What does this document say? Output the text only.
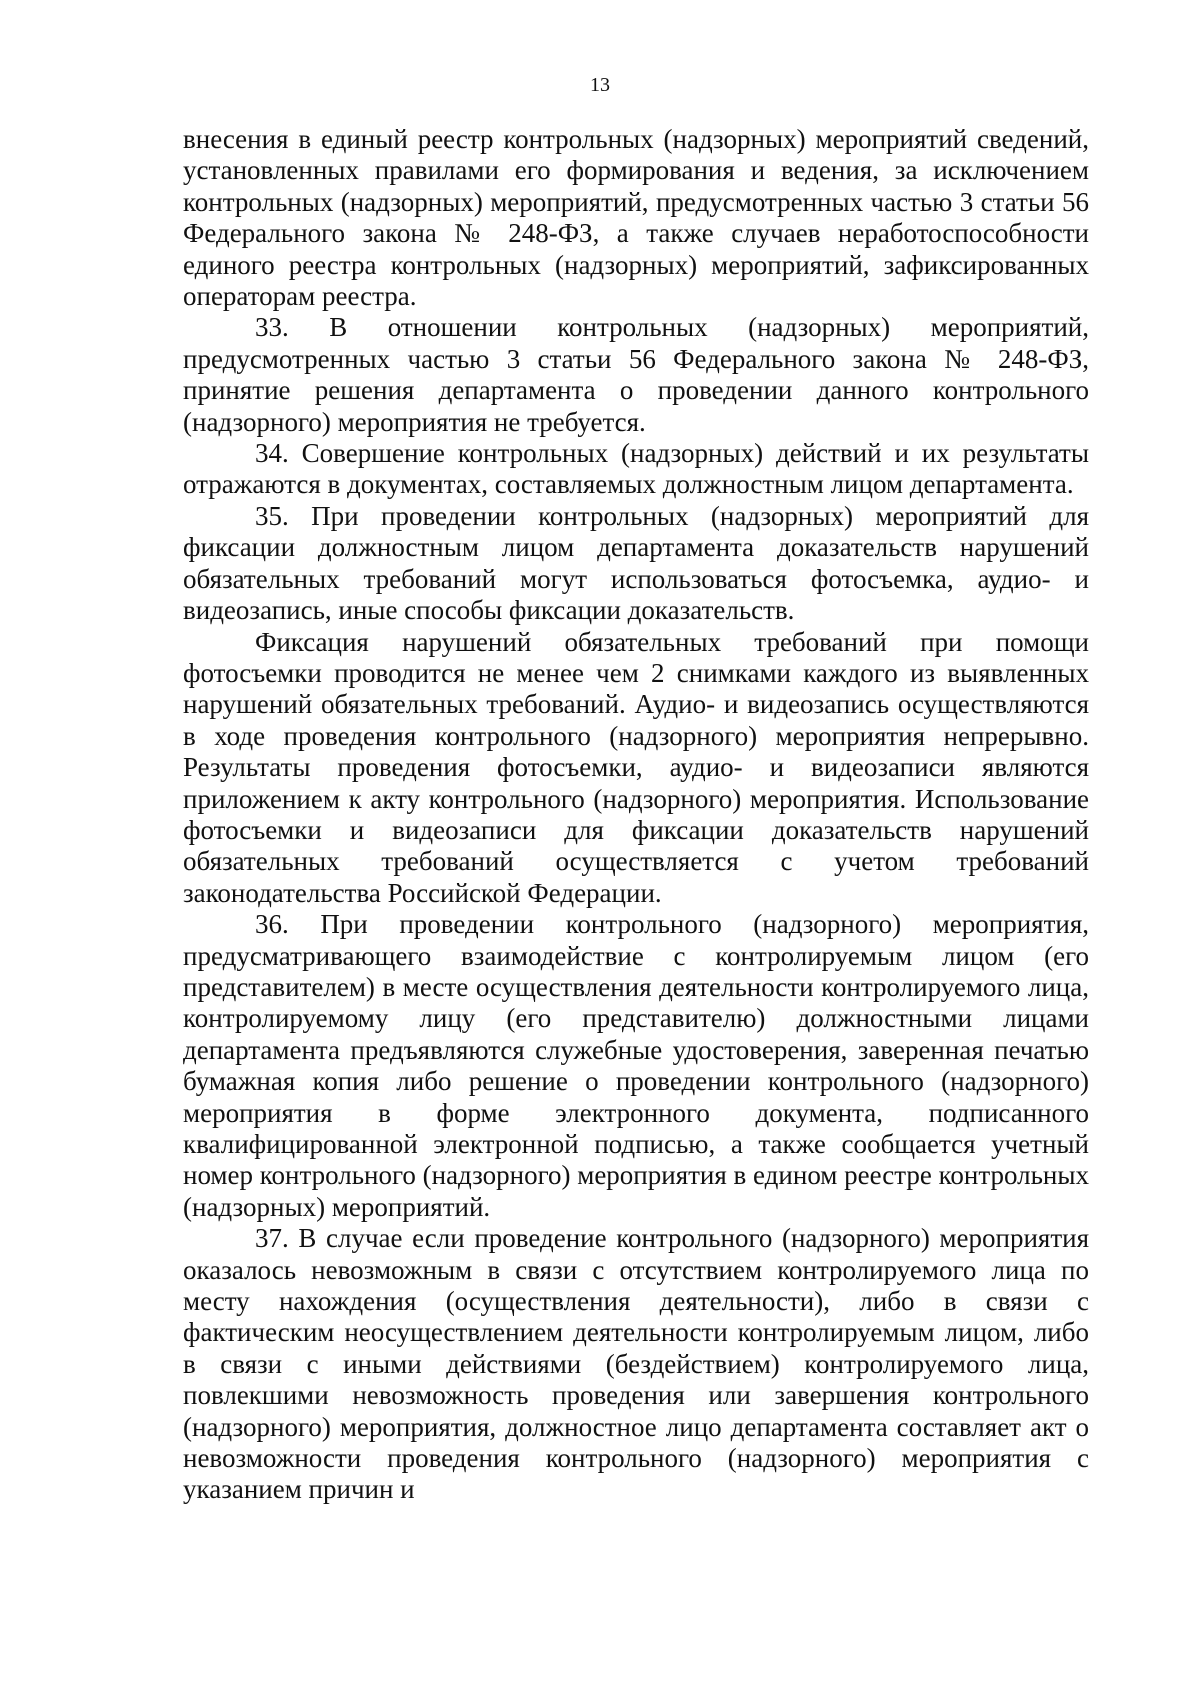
13

внесения в единый реестр контрольных (надзорных) мероприятий сведений, установленных правилами его формирования и ведения, за исключением контрольных (надзорных) мероприятий, предусмотренных частью 3 статьи 56 Федерального закона № 248-ФЗ, а также случаев неработоспособности единого реестра контрольных (надзорных) мероприятий, зафиксированных операторам реестра.

33. В отношении контрольных (надзорных) мероприятий, предусмотренных частью 3 статьи 56 Федерального закона № 248-ФЗ, принятие решения департамента о проведении данного контрольного (надзорного) мероприятия не требуется.

34. Совершение контрольных (надзорных) действий и их результаты отражаются в документах, составляемых должностным лицом департамента.

35. При проведении контрольных (надзорных) мероприятий для фиксации должностным лицом департамента доказательств нарушений обязательных требований могут использоваться фотосъемка, аудио- и видеозапись, иные способы фиксации доказательств.

Фиксация нарушений обязательных требований при помощи фотосъемки проводится не менее чем 2 снимками каждого из выявленных нарушений обязательных требований. Аудио- и видеозапись осуществляются в ходе проведения контрольного (надзорного) мероприятия непрерывно. Результаты проведения фотосъемки, аудио- и видеозаписи являются приложением к акту контрольного (надзорного) мероприятия. Использование фотосъемки и видеозаписи для фиксации доказательств нарушений обязательных требований осуществляется с учетом требований законодательства Российской Федерации.

36. При проведении контрольного (надзорного) мероприятия, предусматривающего взаимодействие с контролируемым лицом (его представителем) в месте осуществления деятельности контролируемого лица, контролируемому лицу (его представителю) должностными лицами департамента предъявляются служебные удостоверения, заверенная печатью бумажная копия либо решение о проведении контрольного (надзорного) мероприятия в форме электронного документа, подписанного квалифицированной электронной подписью, а также сообщается учетный номер контрольного (надзорного) мероприятия в едином реестре контрольных (надзорных) мероприятий.

37. В случае если проведение контрольного (надзорного) мероприятия оказалось невозможным в связи с отсутствием контролируемого лица по месту нахождения (осуществления деятельности), либо в связи с фактическим неосуществлением деятельности контролируемым лицом, либо в связи с иными действиями (бездействием) контролируемого лица, повлекшими невозможность проведения или завершения контрольного (надзорного) мероприятия, должностное лицо департамента составляет акт о невозможности проведения контрольного (надзорного) мероприятия с указанием причин и
